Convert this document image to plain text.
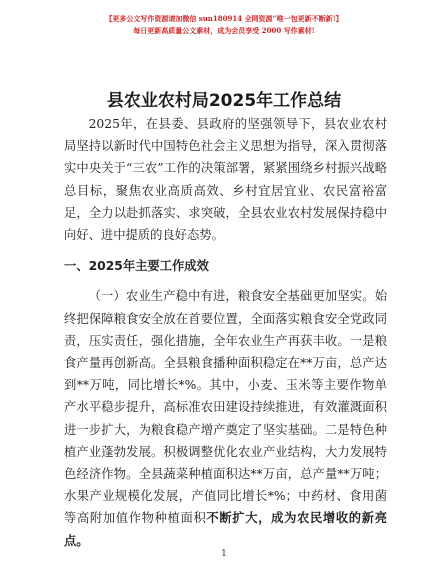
【更多公文写作资源请加微信 sun180914 全网资源“唯一包更新不断新!】
每日更新高质量公文素材，成为会员享受 2000 写作素材!
县农业农村局2025年工作总结

2025年，在县委、县政府的坚强领导下，县农业农村局坚持以新时代中国特色社会主义思想为指导，深入贯彻落实中央关于“三农”工作的决策部署，紧紧围绕乡村振兴战略总目标，聚焦农业高质高效、乡村宜居宜业、农民富裕富足，全力以赴抓落实、求突破，全县农业农村发展保持稳中向好、进中提质的良好态势。

一、2025年主要工作成效

（一）农业生产稳中有进，粮食安全基础更加坚实。始终把保障粮食安全放在首要位置，全面落实粮食安全党政同责，压实责任，强化措施，全年农业生产再获丰收。一是粮食产量再创新高。全县粮食播种面积稳定在**万亩，总产达到**万吨，同比增长*%。其中，小麦、玉米等主要作物单产水平稳步提升，高标准农田建设持续推进，有效灌溉面积进一步扩大，为粮食稳产增产奠定了坚实基础。二是特色种植产业蓬勃发展。积极调整优化农业产业结构，大力发展特色经济作物。全县蔬菜种植面积达**万亩，总产量**万吨；水果产业规模化发展，产值同比增长*%；中药材、食用菌等高附加值作物种植面积不断扩大，成为农民增收的新亮点。

1
